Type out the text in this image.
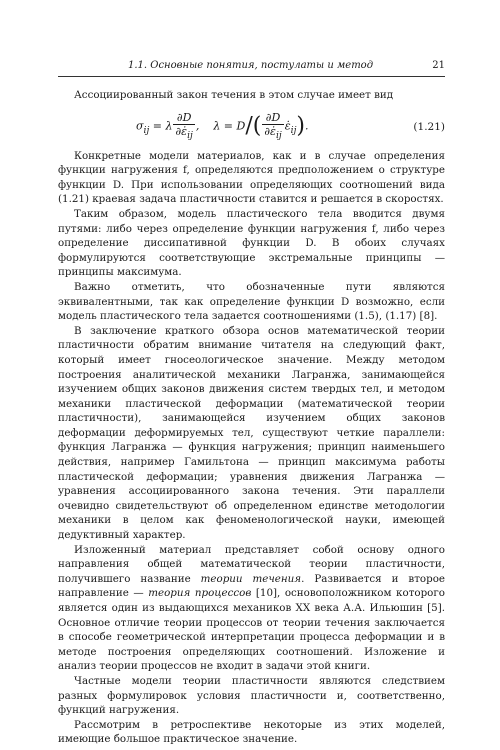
1.1. Основные понятия, постулаты и метод	21

Ассоциированный закон течения в этом случае имеет вид

$\sigma_{ij} = \lambda \frac{\partial D}{\partial\varepsiloṅ_{ij}}$ ,    $\lambda = D/( \frac{\partial D}{\partial\varepsiloṅ_{ij}}$ $\varepsiloṅ_{ij}$).	(1.21)

Конкретные модели материалов, как и в случае определения функции нагружения f, определяются предположением о структуре функции D. При использовании определяющих соотношений вида (1.21) краевая задача пластичности ставится и решается в скоростях.

Таким образом, модель пластического тела вводится двумя путями: либо через определение функции нагружения f, либо через определение диссипативной функции D. В обоих случаях формулируются соответствующие экстремальные принципы — принципы максимума.

Важно отметить, что обозначенные пути являются эквивалентными, так как определение функции D возможно, если модель пластического тела задается соотношениями (1.5), (1.17) [8].

В заключение краткого обзора основ математической теории пластичности обратим внимание читателя на следующий факт, который имеет гносеологическое значение. Между методом построения аналитической механики Лагранжа, занимающейся изучением общих законов движения систем твердых тел, и методом механики пластической деформации (математической теории пластичности), занимающейся изучением общих законов деформации деформируемых тел, существуют четкие параллели: функция Лагранжа — функция нагружения; принцип наименьшего действия, например Гамильтона — принцип максимума работы пластической деформации; уравнения движения Лагранжа — уравнения ассоциированного закона течения. Эти параллели очевидно свидетельствуют об определенном единстве методологии механики в целом как феноменологической науки, имеющей дедуктивный характер.

Изложенный материал представляет собой основу одного направления общей математической теории пластичности, получившего название теории течения. Развивается и второе направление — теория процессов [10], основоположником которого является один из выдающихся механиков XX века А.А. Ильюшин [5]. Основное отличие теории процессов от теории течения заключается в способе геометрической интерпретации процесса деформации и в методе построения определяющих соотношений. Изложение и анализ теории процессов не входит в задачи этой книги.

Частные модели теории пластичности являются следствием разных формулировок условия пластичности и, соответственно, функций нагружения.

Рассмотрим в ретроспективе некоторые из этих моделей, имеющие большое практическое значение.
